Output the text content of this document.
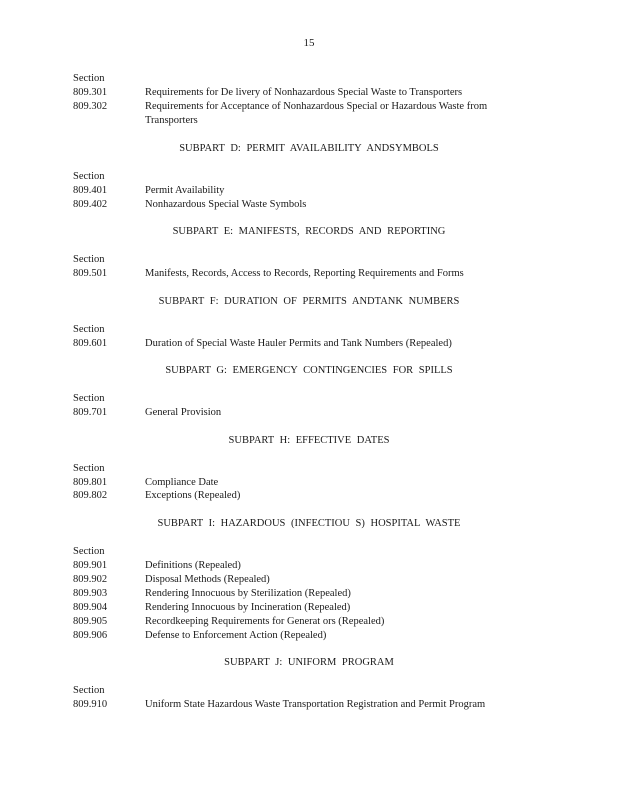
15
Section
809.301	Requirements for De livery of Nonhazardous Special Waste to Transporters
809.302	Requirements for Acceptance of Nonhazardous Special or Hazardous Waste from Transporters
SUBPART D: PERMIT AVAILABILITY ANDSYMBOLS
Section
809.401	Permit Availability
809.402	Nonhazardous Special Waste Symbols
SUBPART E: MANIFESTS, RECORDS AND REPORTING
Section
809.501	Manifests, Records, Access to Records, Reporting Requirements and Forms
SUBPART F: DURATION OF PERMITS ANDTANK NUMBERS
Section
809.601	Duration of Special Waste Hauler Permits and Tank Numbers (Repealed)
SUBPART G: EMERGENCY CONTINGENCIES FOR SPILLS
Section
809.701	General Provision
SUBPART H: EFFECTIVE DATES
Section
809.801	Compliance Date
809.802	Exceptions (Repealed)
SUBPART I: HAZARDOUS (INFECTIOU S) HOSPITAL WASTE
Section
809.901	Definitions (Repealed)
809.902	Disposal Methods (Repealed)
809.903	Rendering Innocuous by Sterilization (Repealed)
809.904	Rendering Innocuous by Incineration (Repealed)
809.905	Recordkeeping Requirements for Generat ors (Repealed)
809.906	Defense to Enforcement Action (Repealed)
SUBPART J: UNIFORM PROGRAM
Section
809.910	Uniform State Hazardous Waste Transportation Registration and Permit Program
